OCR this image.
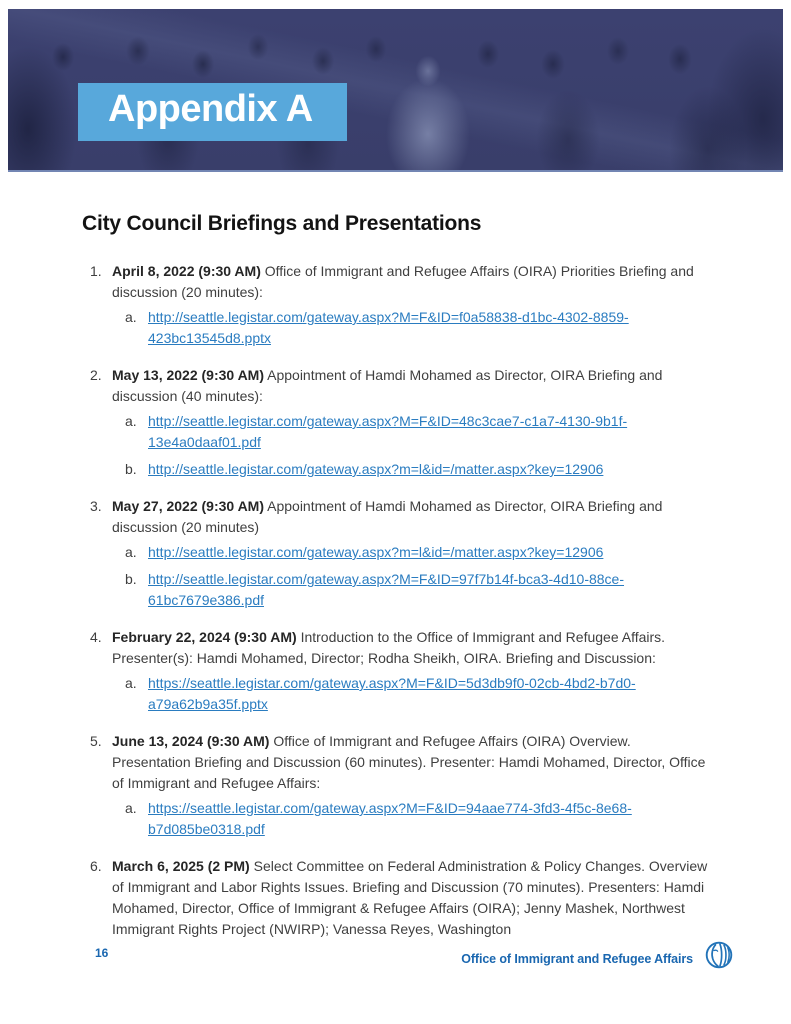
Appendix A
City Council Briefings and Presentations
1. April 8, 2022 (9:30 AM) Office of Immigrant and Refugee Affairs (OIRA) Priorities Briefing and discussion (20 minutes):

a. http://seattle.legistar.com/gateway.aspx?M=F&ID=f0a58838-d1bc-4302-8859-423bc13545d8.pptx
2. May 13, 2022 (9:30 AM) Appointment of Hamdi Mohamed as Director, OIRA Briefing and discussion (40 minutes):

a. http://seattle.legistar.com/gateway.aspx?M=F&ID=48c3cae7-c1a7-4130-9b1f-13e4a0daaf01.pdf
b. http://seattle.legistar.com/gateway.aspx?m=l&id=/matter.aspx?key=12906
3. May 27, 2022 (9:30 AM) Appointment of Hamdi Mohamed as Director, OIRA Briefing and discussion (20 minutes)

a. http://seattle.legistar.com/gateway.aspx?m=l&id=/matter.aspx?key=12906
b. http://seattle.legistar.com/gateway.aspx?M=F&ID=97f7b14f-bca3-4d10-88ce-61bc7679e386.pdf
4. February 22, 2024 (9:30 AM) Introduction to the Office of Immigrant and Refugee Affairs. Presenter(s): Hamdi Mohamed, Director; Rodha Sheikh, OIRA. Briefing and Discussion:

a. https://seattle.legistar.com/gateway.aspx?M=F&ID=5d3db9f0-02cb-4bd2-b7d0-a79a62b9a35f.pptx
5. June 13, 2024 (9:30 AM) Office of Immigrant and Refugee Affairs (OIRA) Overview. Presentation Briefing and Discussion (60 minutes). Presenter: Hamdi Mohamed, Director, Office of Immigrant and Refugee Affairs:

a. https://seattle.legistar.com/gateway.aspx?M=F&ID=94aae774-3fd3-4f5c-8e68-b7d085be0318.pdf
6. March 6, 2025 (2 PM) Select Committee on Federal Administration & Policy Changes. Overview of Immigrant and Labor Rights Issues. Briefing and Discussion (70 minutes). Presenters: Hamdi Mohamed, Director, Office of Immigrant & Refugee Affairs (OIRA); Jenny Mashek, Northwest Immigrant Rights Project (NWIRP); Vanessa Reyes, Washington

16	Office of Immigrant and Refugee Affairs
